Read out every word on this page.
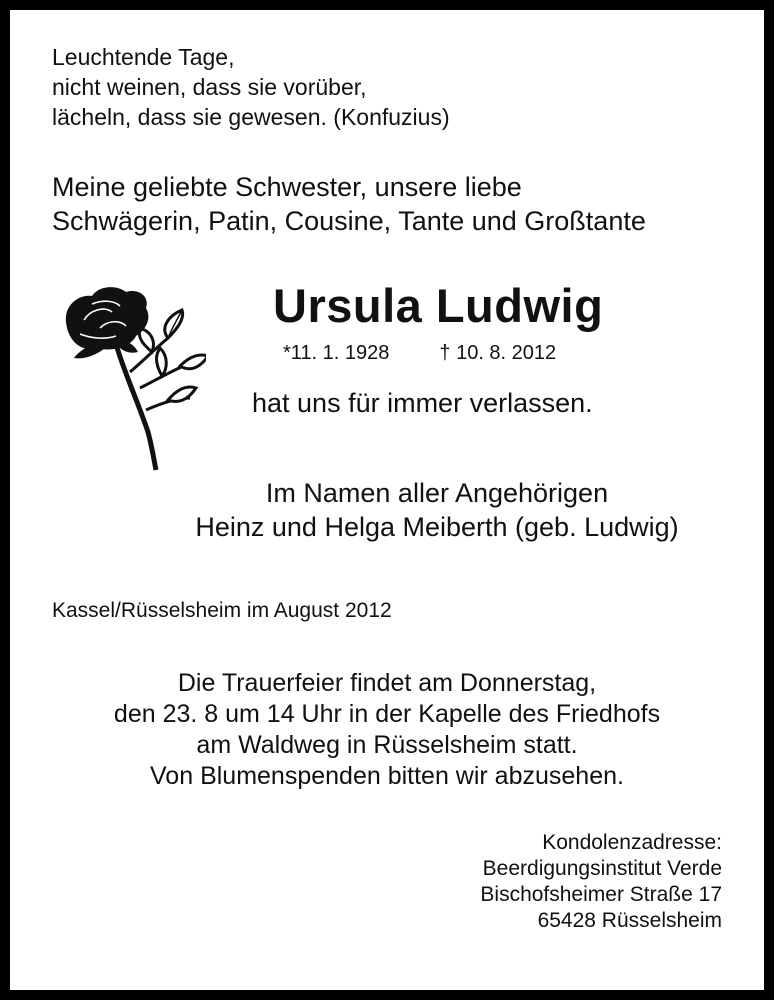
Leuchtende Tage,
nicht weinen, dass sie vorüber,
lächeln, dass sie gewesen. (Konfuzius)
Meine geliebte Schwester, unsere liebe
Schwägerin, Patin, Cousine, Tante und Großtante
Ursula Ludwig
*11. 1. 1928	† 10. 8. 2012
hat uns für immer verlassen.
Im Namen aller Angehörigen
Heinz und Helga Meiberth (geb. Ludwig)
Kassel/Rüsselsheim im August 2012
Die Trauerfeier findet am Donnerstag,
den 23. 8 um 14 Uhr in der Kapelle des Friedhofs
am Waldweg in Rüsselsheim statt.
Von Blumenspenden bitten wir abzusehen.
Kondolenzadresse:
Beerdigungsinstitut Verde
Bischofsheimer Straße 17
65428 Rüsselsheim
